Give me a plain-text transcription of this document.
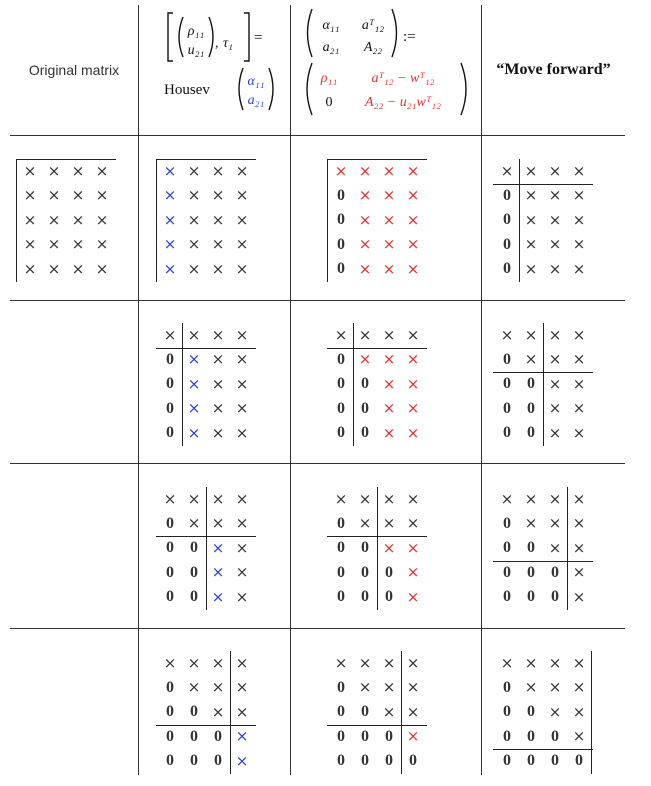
Original matrix
ρ₁₁
u₂₁ , τ₁ =
Housev
α₁₁
a₂₁
α₁₁ aᵀ₁₂
a₂₁ A₂₂
:=
ρ₁₁ aᵀ₁₂ − wᵀ₁₂
0 A₂₂ − u₂₁wᵀ₁₂
“Move forward”
× × × ×
× × × ×
× × × ×
× × × ×
× × × ×
× × × ×
× × × ×
× × × ×
× × × ×
× × × ×
× × × ×
0 × × ×
0 × × ×
0 × × ×
0 × × ×
× × × ×
0 × × ×
0 × × ×
0 × × ×
0 × × ×
× × × ×
0 × × ×
0 × × ×
0 × × ×
0 × × ×
× × × ×
0 × × ×
0	0 × ×
0	0 × ×
0	0 × ×
× × × ×
0 × × ×
0	0 × ×
0	0 × ×
0	0 × ×
× × × ×
0 × × ×
0	0 × ×
0	0 × ×
0	0 × ×
× × × ×
0 × × ×
0	0 × ×
0	0	0 ×
0	0	0 ×
× × × ×
0 × × ×
0	0 × ×
0	0	0 ×
0	0	0 ×
× × × ×
0 × × ×
0	0 × ×
0	0	0 ×
0	0	0 ×
× × × ×
0 × × ×
0	0 × ×
0	0	0 ×
0	0	0	0
× × × ×
0 × × ×
0	0 × ×
0	0	0 ×
0	0	0	0
